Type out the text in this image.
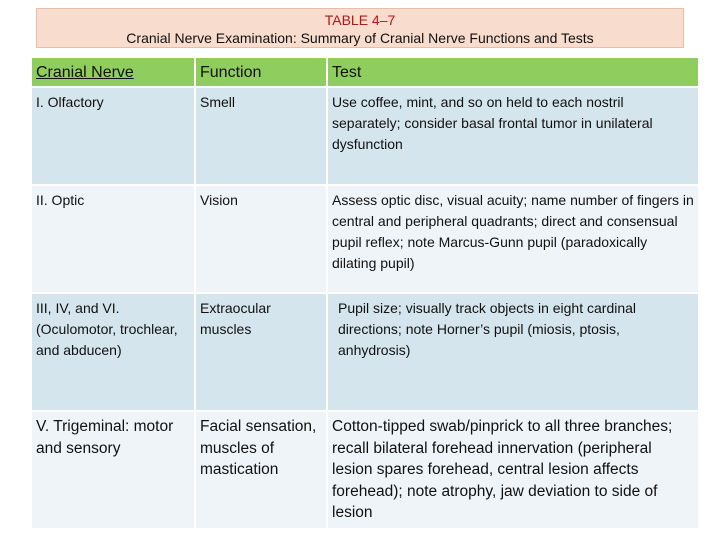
TABLE 4–7
Cranial Nerve Examination: Summary of Cranial Nerve Functions and Tests
Cranial Nerve	Function	Test
I. Olfactory	Smell	Use coffee, mint, and so on held to each nostril separately; consider basal frontal tumor in unilateral dysfunction
II. Optic	Vision	Assess optic disc, visual acuity; name number of fingers in central and peripheral quadrants; direct and consensual pupil reflex; note Marcus-Gunn pupil (paradoxically dilating pupil)
III, IV, and VI. (Oculomotor, trochlear, and abducen)	Extraocular muscles	Pupil size; visually track objects in eight cardinal directions; note Horner’s pupil (miosis, ptosis, anhydrosis)
V. Trigeminal: motor and sensory	Facial sensation, muscles of mastication	Cotton-tipped swab/pinprick to all three branches; recall bilateral forehead innervation (peripheral lesion spares forehead, central lesion affects forehead); note atrophy, jaw deviation to side of lesion
